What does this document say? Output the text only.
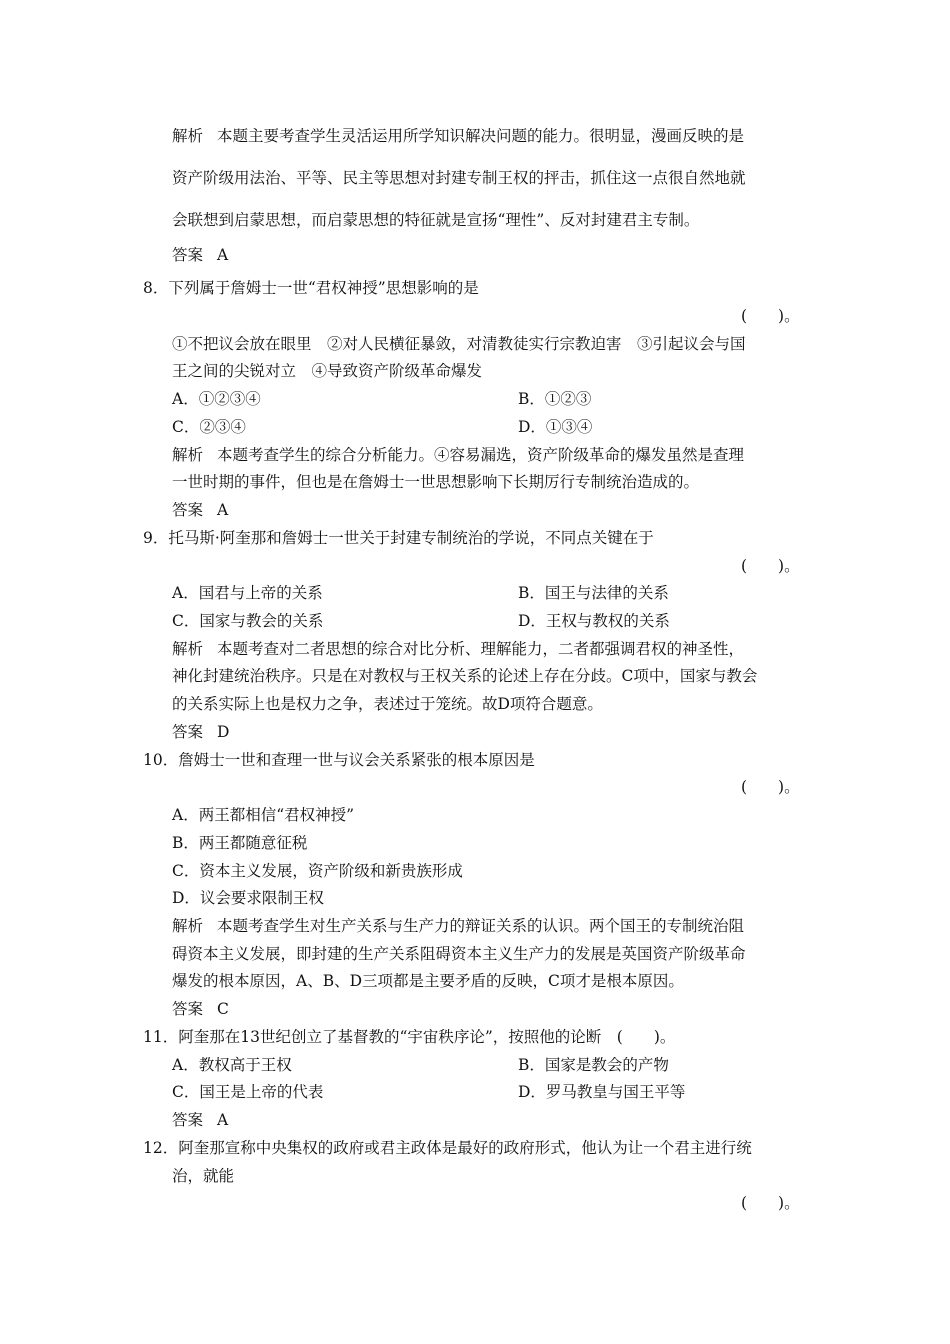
解析 本题主要考查学生灵活运用所学知识解决问题的能力。很明显，漫画反映的是
资产阶级用法治、平等、民主等思想对封建专制王权的抨击，抓住这一点很自然地就
会联想到启蒙思想，而启蒙思想的特征就是宣扬“理性”、反对封建君主专制。
答案 A
8．下列属于詹姆士一世“君权神授”思想影响的是
(　　)。
①不把议会放在眼里　②对人民横征暴敛，对清教徒实行宗教迫害　③引起议会与国
王之间的尖锐对立　④导致资产阶级革命爆发
A．①②③④	B．①②③
C．②③④	D．①③④
解析 本题考查学生的综合分析能力。④容易漏选，资产阶级革命的爆发虽然是查理
一世时期的事件，但也是在詹姆士一世思想影响下长期厉行专制统治造成的。
答案 A
9．托马斯·阿奎那和詹姆士一世关于封建专制统治的学说，不同点关键在于
(　　)。
A．国君与上帝的关系	B．国王与法律的关系
C．国家与教会的关系	D．王权与教权的关系
解析 本题考查对二者思想的综合对比分析、理解能力，二者都强调君权的神圣性，
神化封建统治秩序。只是在对教权与王权关系的论述上存在分歧。C项中，国家与教会
的关系实际上也是权力之争，表述过于笼统。故D项符合题意。
答案 D
10．詹姆士一世和查理一世与议会关系紧张的根本原因是
(　　)。
A．两王都相信“君权神授”
B．两王都随意征税
C．资本主义发展，资产阶级和新贵族形成
D．议会要求限制王权
解析 本题考查学生对生产关系与生产力的辩证关系的认识。两个国王的专制统治阻
碍资本主义发展，即封建的生产关系阻碍资本主义生产力的发展是英国资产阶级革命
爆发的根本原因，A、B、D三项都是主要矛盾的反映，C项才是根本原因。
答案 C
11．阿奎那在13世纪创立了基督教的“宇宙秩序论”，按照他的论断　(　　)。
A．教权高于王权	B．国家是教会的产物
C．国王是上帝的代表	D．罗马教皇与国王平等
答案 A
12．阿奎那宣称中央集权的政府或君主政体是最好的政府形式，他认为让一个君主进行统
治，就能
(　　)。
